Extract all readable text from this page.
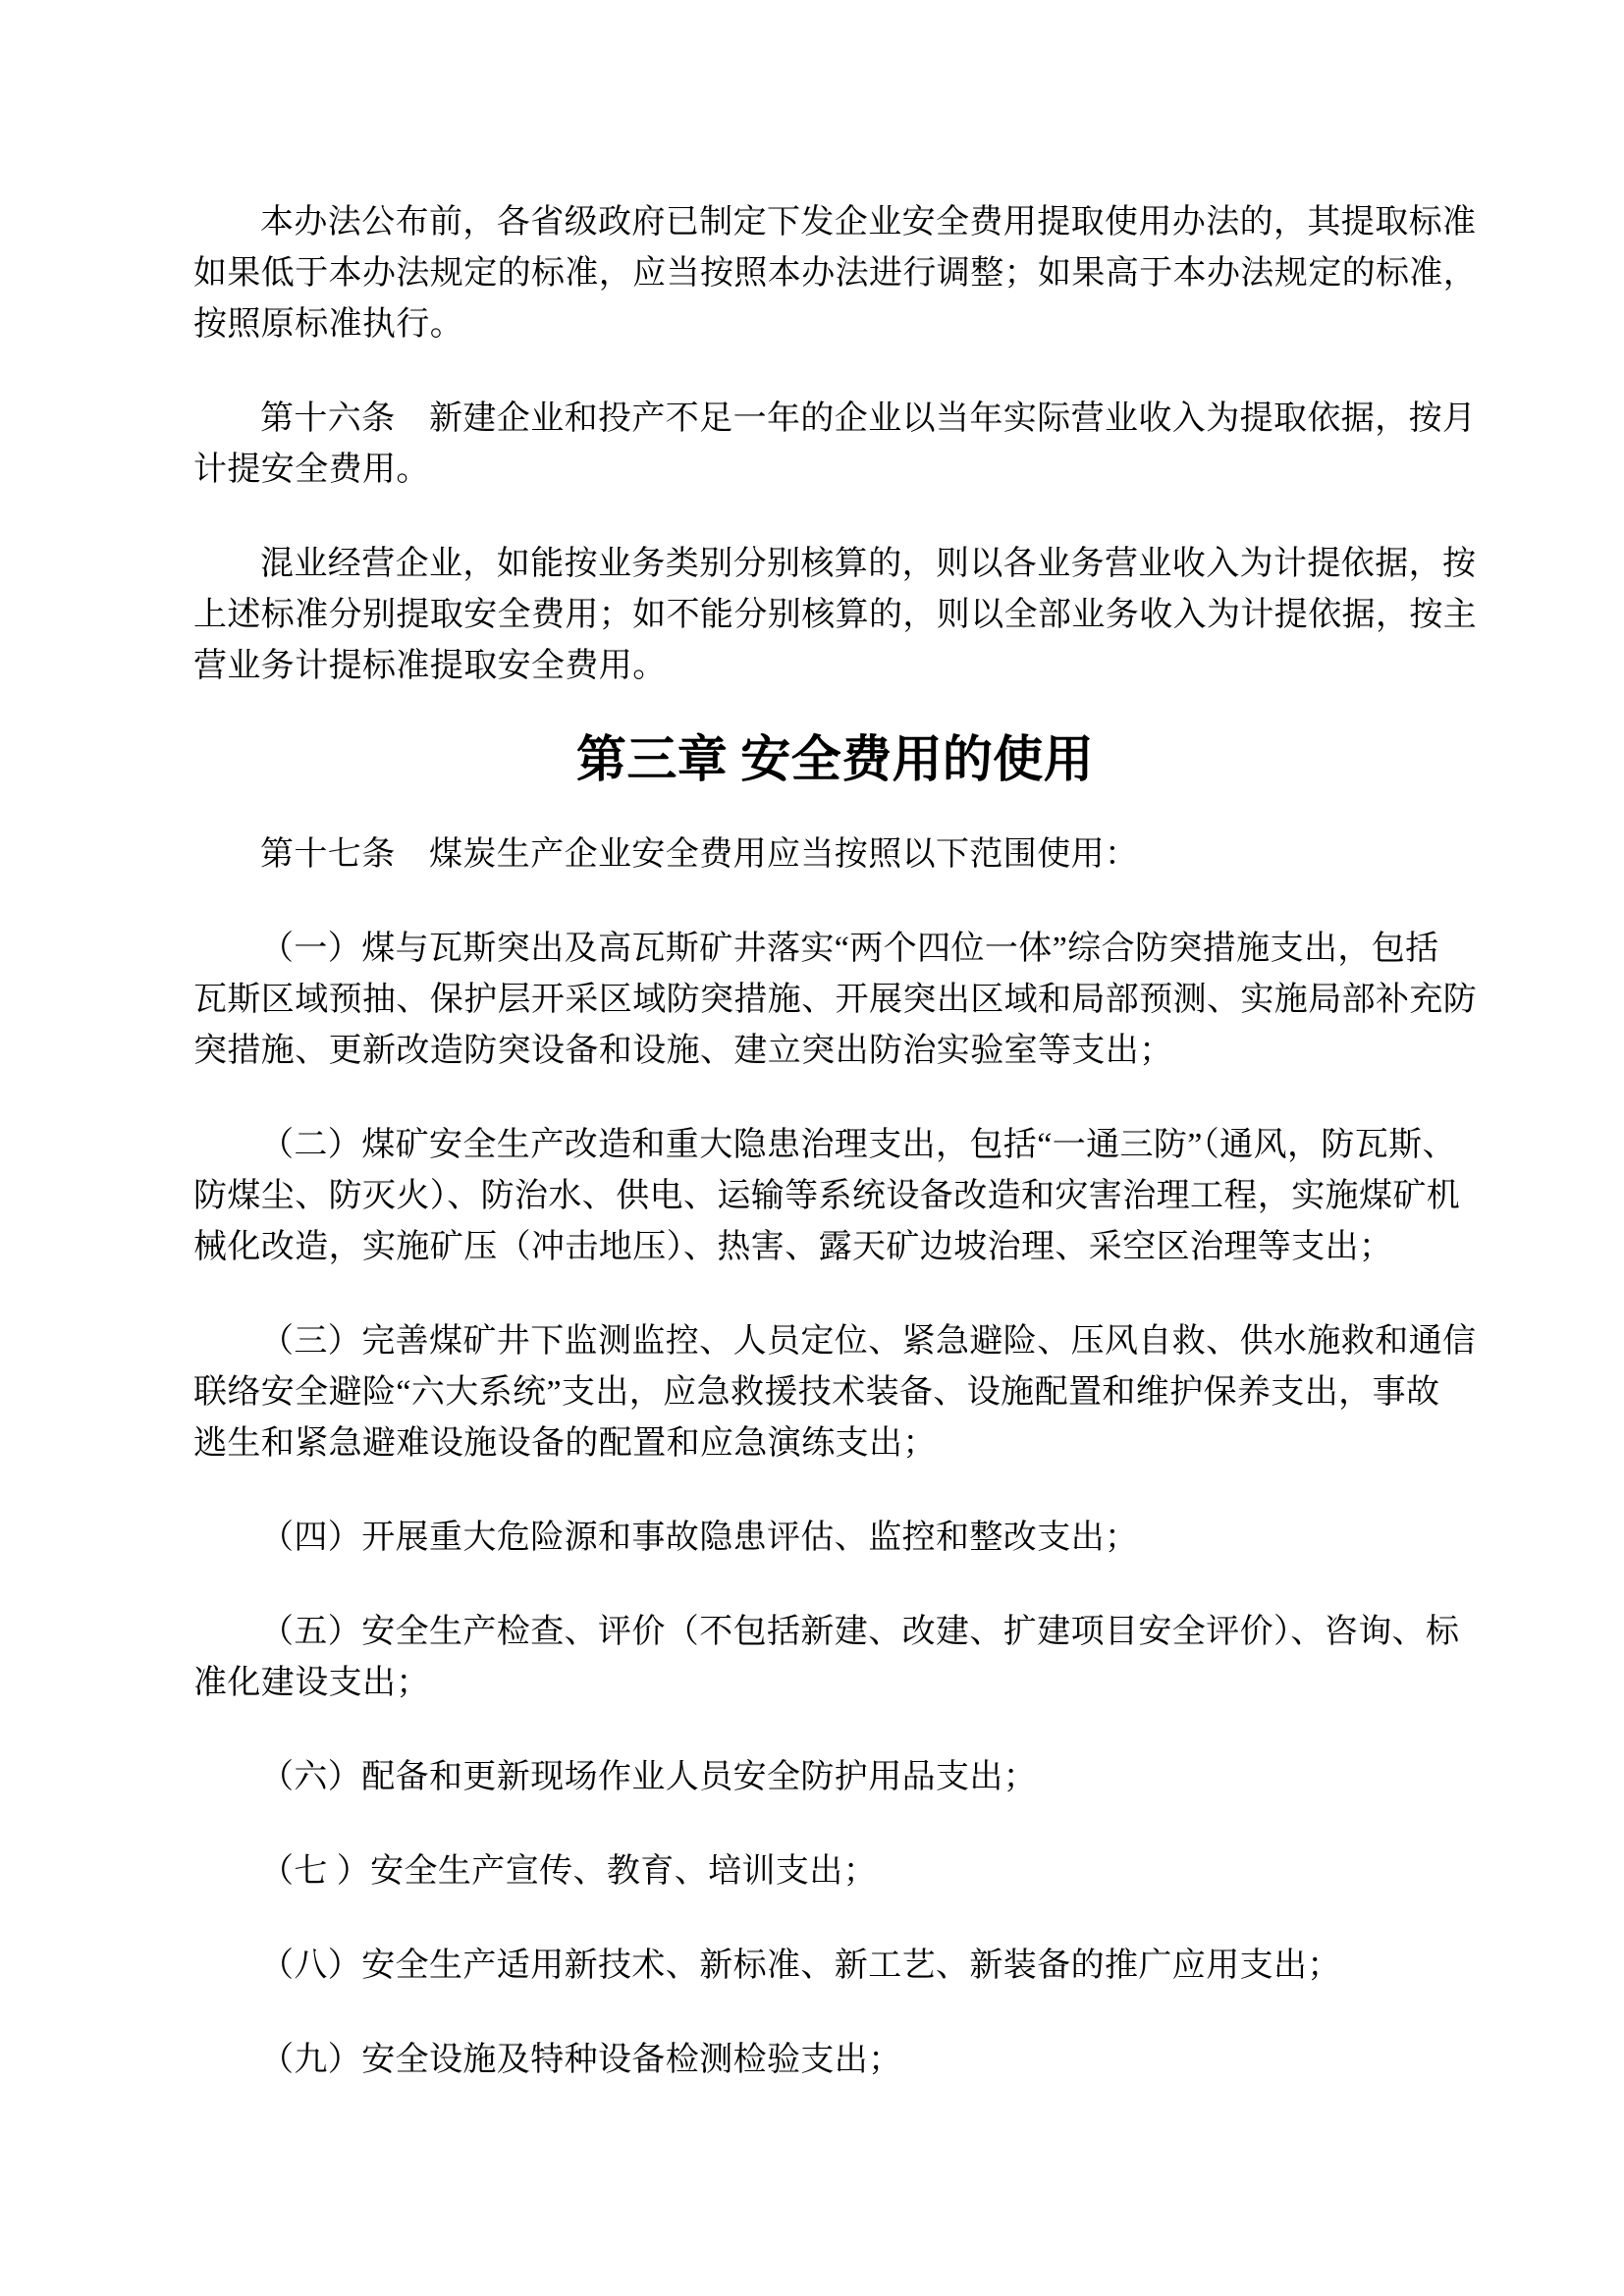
本办法公布前，各省级政府已制定下发企业安全费用提取使用办法的，其提取标准
如果低于本办法规定的标准，应当按照本办法进行调整；如果高于本办法规定的标准，
按照原标准执行。

第十六条　新建企业和投产不足一年的企业以当年实际营业收入为提取依据，按月
计提安全费用。

混业经营企业，如能按业务类别分别核算的，则以各业务营业收入为计提依据，按
上述标准分别提取安全费用；如不能分别核算的，则以全部业务收入为计提依据，按主
营业务计提标准提取安全费用。

第三章 安全费用的使用

第十七条　煤炭生产企业安全费用应当按照以下范围使用：

（一）煤与瓦斯突出及高瓦斯矿井落实“两个四位一体”综合防突措施支出，包括
瓦斯区域预抽、保护层开采区域防突措施、开展突出区域和局部预测、实施局部补充防
突措施、更新改造防突设备和设施、建立突出防治实验室等支出；

（二）煤矿安全生产改造和重大隐患治理支出，包括“一通三防”（通风，防瓦斯、
防煤尘、防灭火）、防治水、供电、运输等系统设备改造和灾害治理工程，实施煤矿机
械化改造，实施矿压（冲击地压）、热害、露天矿边坡治理、采空区治理等支出；

（三）完善煤矿井下监测监控、人员定位、紧急避险、压风自救、供水施救和通信
联络安全避险“六大系统”支出，应急救援技术装备、设施配置和维护保养支出，事故
逃生和紧急避难设施设备的配置和应急演练支出；

（四）开展重大危险源和事故隐患评估、监控和整改支出；

（五）安全生产检查、评价（不包括新建、改建、扩建项目安全评价）、咨询、标
准化建设支出；

（六）配备和更新现场作业人员安全防护用品支出；

（七 ）安全生产宣传、教育、培训支出；

（八）安全生产适用新技术、新标准、新工艺、新装备的推广应用支出；

（九）安全设施及特种设备检测检验支出；
